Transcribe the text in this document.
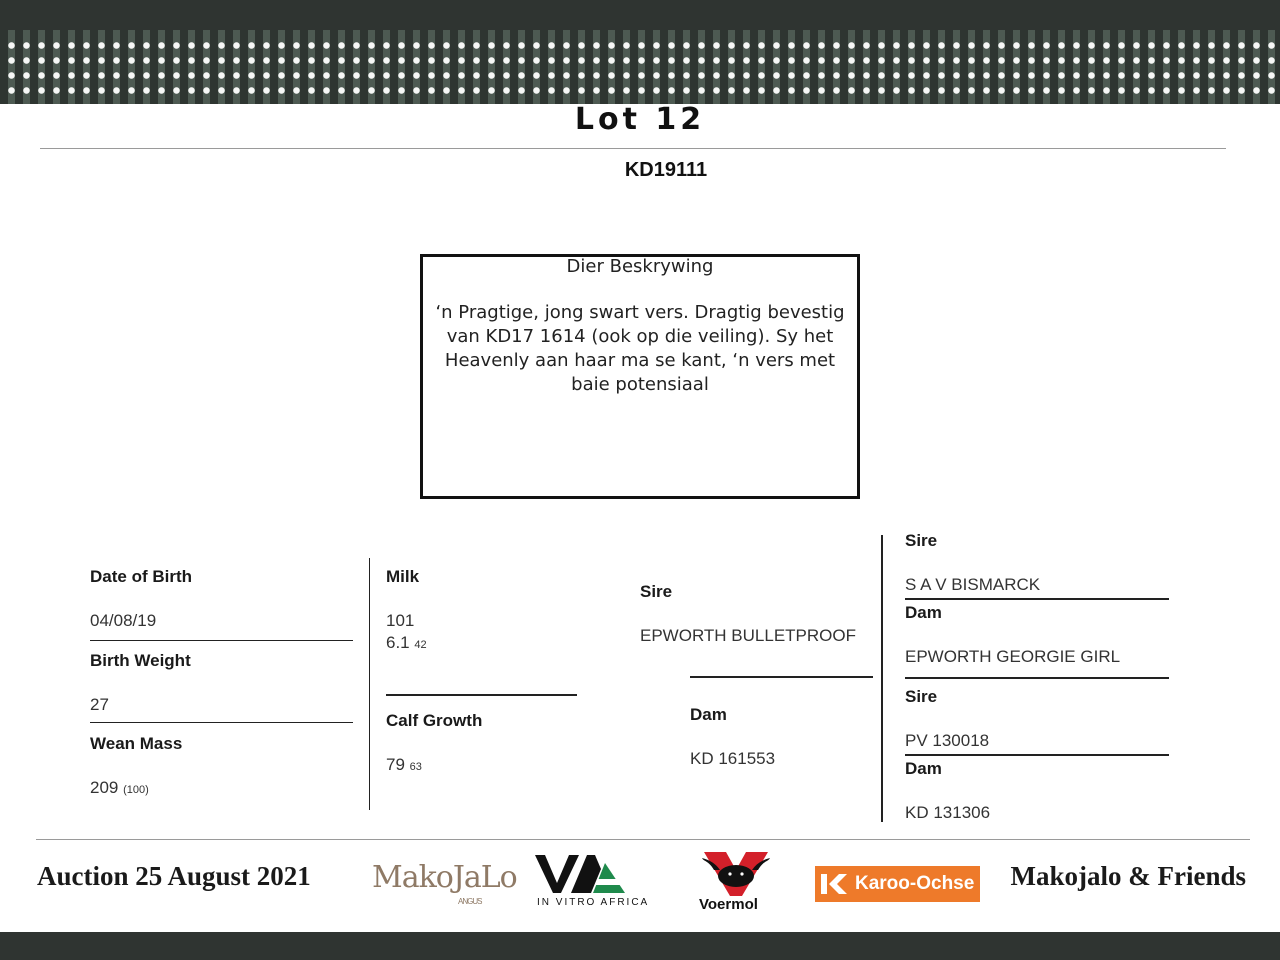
Lot 12
KD19111
Dier Beskrywing
‘n Pragtige, jong swart vers. Dragtig bevestig van KD17 1614 (ook op die veiling). Sy het Heavenly aan haar ma se kant, ‘n vers met baie potensiaal
Date of Birth
04/08/19
Birth Weight
27
Wean Mass
209 (100)
Milk
101
6.1 42
Calf Growth
79 63
Sire
EPWORTH BULLETPROOF
Dam
KD 161553
Sire
S A V BISMARCK
Dam
EPWORTH GEORGIE GIRL
Sire
PV 130018
Dam
KD 131306
Auction 25 August 2021 MakoJaLo
ANGUS	IN VITRO AFRICA	Voermol
Karoo-Ochse Makojalo & Friends
